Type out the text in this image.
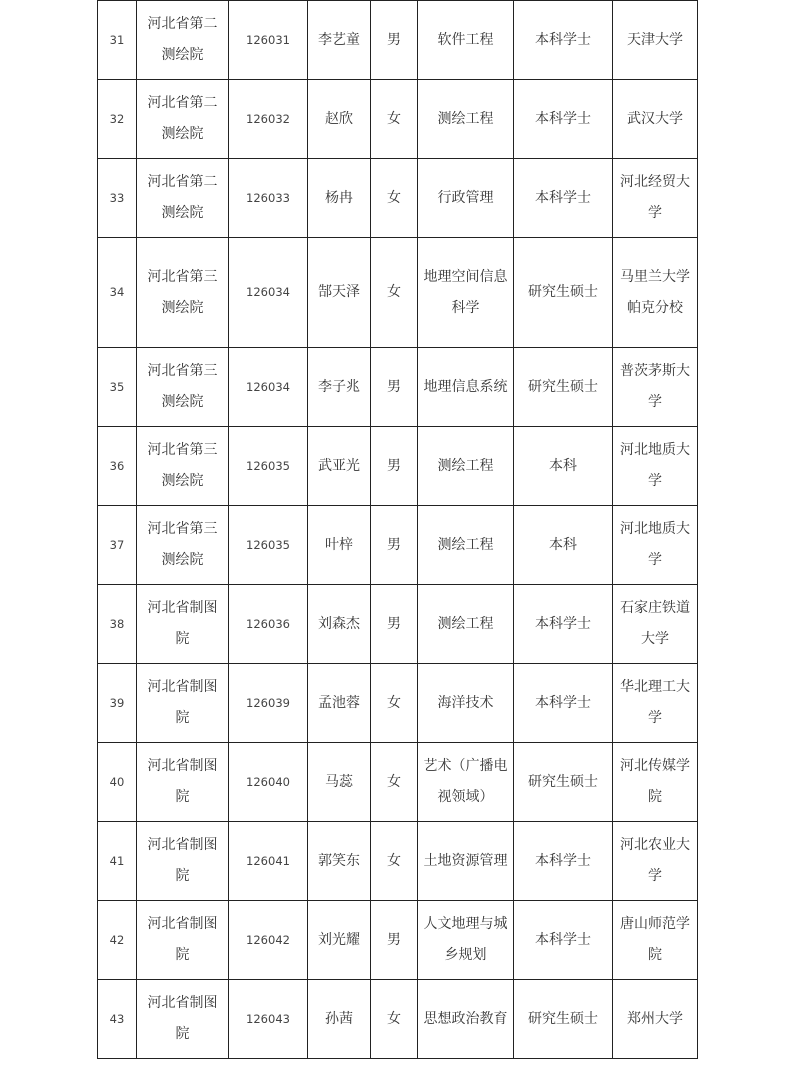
31	河北省第二测绘院	126031	李艺童	男	软件工程	本科学士	天津大学
32	河北省第二测绘院	126032	赵欣	女	测绘工程	本科学士	武汉大学
33	河北省第二测绘院	126033	杨冉	女	行政管理	本科学士	河北经贸大学
34	河北省第三测绘院	126034	郜天泽	女	地理空间信息科学	研究生硕士	马里兰大学帕克分校
35	河北省第三测绘院	126034	李子兆	男	地理信息系统	研究生硕士	普茨茅斯大学
36	河北省第三测绘院	126035	武亚光	男	测绘工程	本科	河北地质大学
37	河北省第三测绘院	126035	叶梓	男	测绘工程	本科	河北地质大学
38	河北省制图院	126036	刘森杰	男	测绘工程	本科学士	石家庄铁道大学
39	河北省制图院	126039	孟池蓉	女	海洋技术	本科学士	华北理工大学
40	河北省制图院	126040	马蕊	女	艺术（广播电视领域）	研究生硕士	河北传媒学院
41	河北省制图院	126041	郭笑东	女	土地资源管理	本科学士	河北农业大学
42	河北省制图院	126042	刘光耀	男	人文地理与城乡规划	本科学士	唐山师范学院
43	河北省制图院	126043	孙茜	女	思想政治教育	研究生硕士	郑州大学
